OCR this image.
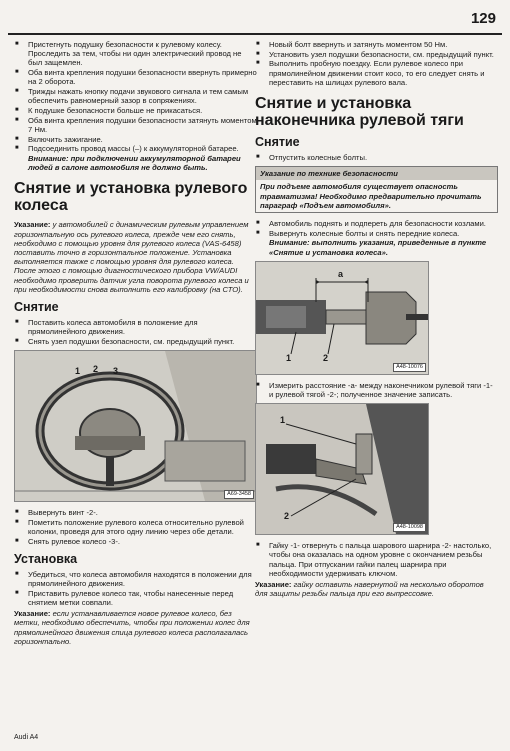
129
■ Пристегнуть подушку безопасности к рулевому колесу. Проследить за тем, чтобы ни один электрический провод не был защемлен.
■ Оба винта крепления подушки безопасности ввернуть примерно на 2 оборота.
■ Трижды нажать кнопку подачи звукового сигнала и тем самым обеспечить равномерный зазор в сопряжениях.
■ К подушке безопасности больше не прикасаться.
■ Оба винта крепления подушки безопасности затянуть моментом 7 Нм.
■ Включить зажигание.
■ Подсоединить провод массы (–) к аккумуляторной батарее.
Внимание: при подключении аккумуляторной батареи людей в салоне автомобиля не должно быть.
Снятие и установка рулевого колеса
Указание: у автомобилей с динамическим рулевым управлением горизонтальную ось рулевого колеса, прежде чем его снять, необходимо с помощью уровня для рулевого колеса (VAS-6458) поставить точно в горизонтальное положение. Установка выполняется также с помощью уровня для рулевого колеса. После этого с помощью диагностического прибора VW/AUDI необходимо проверить датчик угла поворота рулевого колеса и при необходимости снова выполнить его калибровку (на СТО).
Снятие
■ Поставить колеса автомобиля в положение для прямолинейного движения.
■ Снять узел подушки безопасности, см. предыдущий пункт.
1 2 3
A69-3458
■ Вывернуть винт -2-.
■ Пометить положение рулевого колеса относительно рулевой колонки, проведя для этого одну линию через обе детали.
■ Снять рулевое колесо -3-.
Установка
■ Убедиться, что колеса автомобиля находятся в положении для прямолинейного движения.
■ Приставить рулевое колесо так, чтобы нанесенные перед снятием метки совпали.
Указание: если устанавливается новое рулевое колесо, без метки, необходимо обеспечить, чтобы при положении колес для прямолинейного движения спица рулевого колеса располагалась горизонтально.
■ Новый болт ввернуть и затянуть моментом 50 Нм.
■ Установить узел подушки безопасности, см. предыдущий пункт.
■ Выполнить пробную поездку. Если рулевое колесо при прямолинейном движении стоит косо, то его следует снять и переставить на шлицах рулевого вала.
Снятие и установка наконечника рулевой тяги
Снятие
■ Отпустить колесные болты.
Указание по технике безопасности
При подъеме автомобиля существует опасность травматизма! Необходимо предварительно прочитать параграф «Подъем автомобиля».
■ Автомобиль поднять и подпереть для безопасности козлами.
■ Вывернуть колесные болты и снять передние колеса.
Внимание: выполнить указания, приведенные в пункте «Снятие и установка колеса».
a
1	2
A48-10076
■ Измерить расстояние -a- между наконечником рулевой тяги -1- и рулевой тягой -2-; полученное значение записать.
1
2
A48-10098
■ Гайку -1- отвернуть с пальца шарового шарнира -2- настолько, чтобы она оказалась на одном уровне с окончанием резьбы пальца. При отпускании гайки палец шарнира при необходимости удерживать ключом.
Указание: гайку оставить навернутой на несколько оборотов для защиты резьбы пальца при его выпрессовке.
Audi A4
